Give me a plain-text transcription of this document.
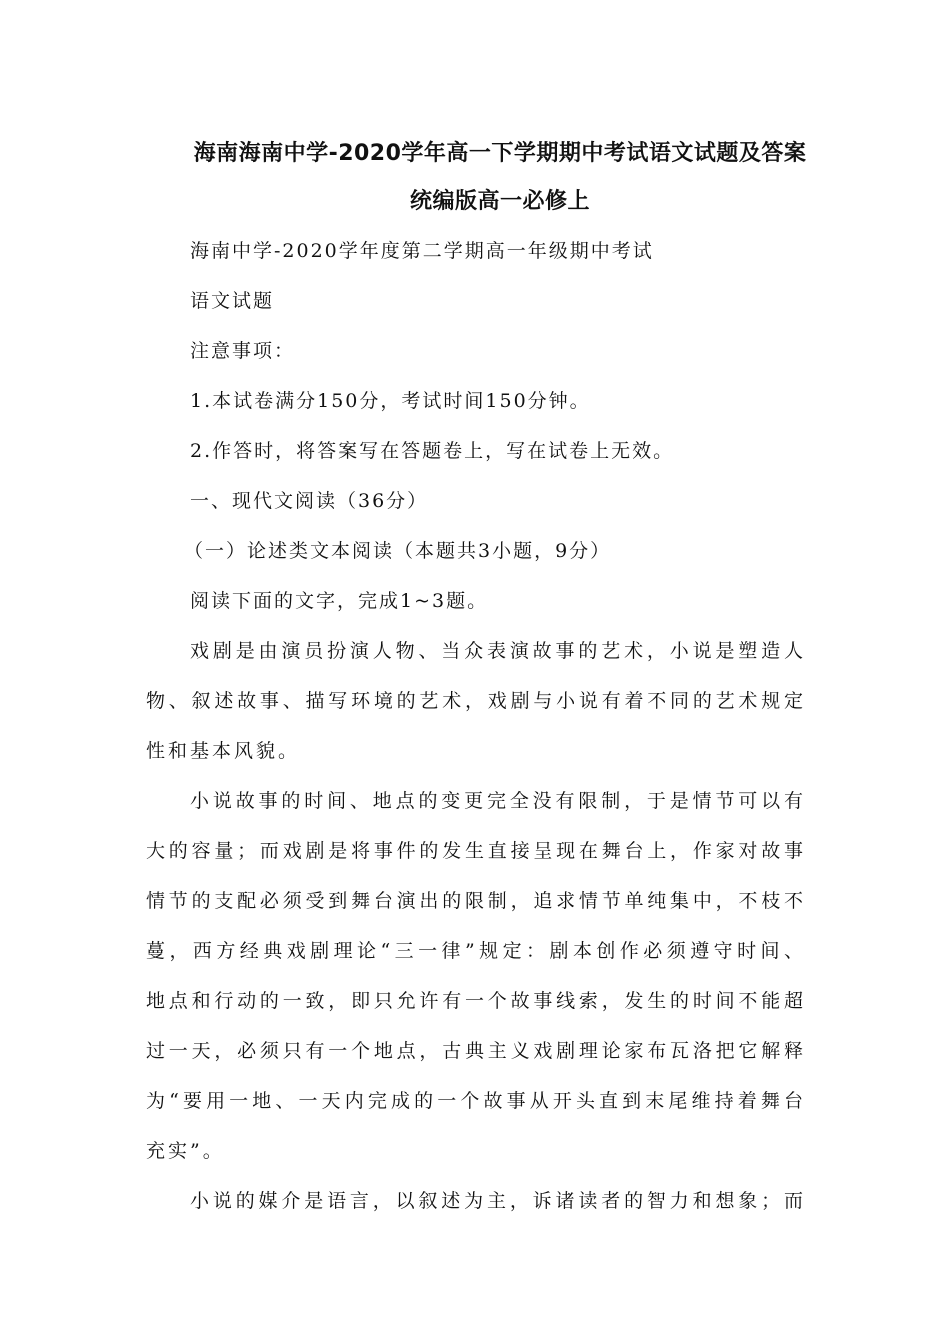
海南海南中学-2020学年高一下学期期中考试语文试题及答案
统编版高一必修上
海南中学-2020学年度第二学期高一年级期中考试
语文试题
注意事项：
1.本试卷满分150分，考试时间150分钟。
2.作答时，将答案写在答题卷上，写在试卷上无效。
一、现代文阅读（36分）
（一）论述类文本阅读（本题共3小题，9分）
阅读下面的文字，完成1~3题。
戏剧是由演员扮演人物、当众表演故事的艺术，小说是塑造人
物、叙述故事、描写环境的艺术，戏剧与小说有着不同的艺术规定
性和基本风貌。
小说故事的时间、地点的变更完全没有限制，于是情节可以有
大的容量；而戏剧是将事件的发生直接呈现在舞台上，作家对故事
情节的支配必须受到舞台演出的限制，追求情节单纯集中，不枝不
蔓，西方经典戏剧理论“三一律”规定：剧本创作必须遵守时间、
地点和行动的一致，即只允许有一个故事线索，发生的时间不能超
过一天，必须只有一个地点，古典主义戏剧理论家布瓦洛把它解释
为“要用一地、一天内完成的一个故事从开头直到末尾维持着舞台
充实”。
小说的媒介是语言，以叙述为主，诉诸读者的智力和想象；而
